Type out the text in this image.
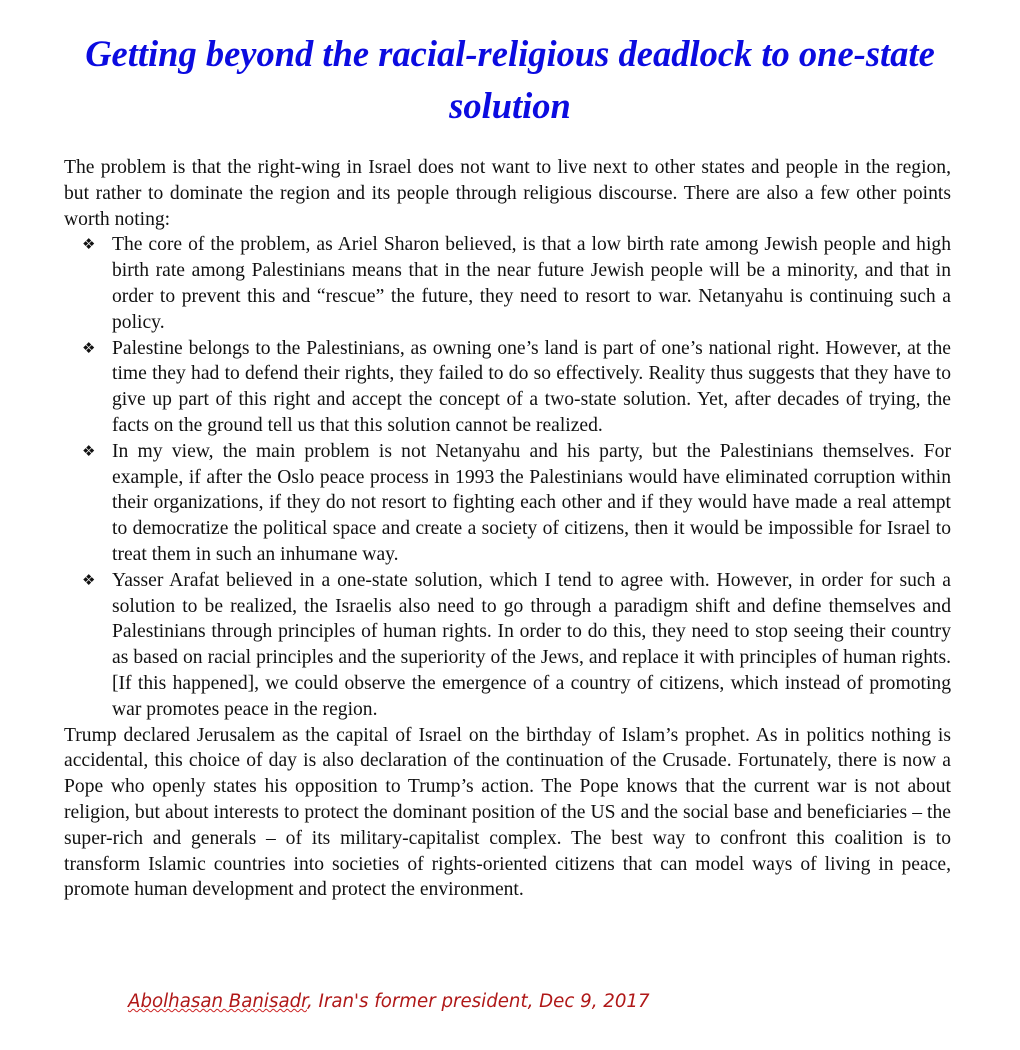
Getting beyond the racial-religious deadlock to one-state solution

The problem is that the right-wing in Israel does not want to live next to other states and people in the region, but rather to dominate the region and its people through religious discourse. There are also a few other points worth noting:

❖ The core of the problem, as Ariel Sharon believed, is that a low birth rate among Jewish people and high birth rate among Palestinians means that in the near future Jewish people will be a minority, and that in order to prevent this and “rescue” the future, they need to resort to war. Netanyahu is continuing such a policy.
❖ Palestine belongs to the Palestinians, as owning one’s land is part of one’s national right. However, at the time they had to defend their rights, they failed to do so effectively. Reality thus suggests that they have to give up part of this right and accept the concept of a two-state solution. Yet, after decades of trying, the facts on the ground tell us that this solution cannot be realized.
❖ In my view, the main problem is not Netanyahu and his party, but the Palestinians themselves. For example, if after the Oslo peace process in 1993 the Palestinians would have eliminated corruption within their organizations, if they do not resort to fighting each other and if they would have made a real attempt to democratize the political space and create a society of citizens, then it would be impossible for Israel to treat them in such an inhumane way.
❖ Yasser Arafat believed in a one-state solution, which I tend to agree with. However, in order for such a solution to be realized, the Israelis also need to go through a paradigm shift and define themselves and Palestinians through principles of human rights. In order to do this, they need to stop seeing their country as based on racial principles and the superiority of the Jews, and replace it with principles of human rights. [If this happened], we could observe the emergence of a country of citizens, which instead of promoting war promotes peace in the region.

Trump declared Jerusalem as the capital of Israel on the birthday of Islam’s prophet. As in politics nothing is accidental, this choice of day is also declaration of the continuation of the Crusade. Fortunately, there is now a Pope who openly states his opposition to Trump’s action. The Pope knows that the current war is not about religion, but about interests to protect the dominant position of the US and the social base and beneficiaries – the super-rich and generals – of its military-capitalist complex. The best way to confront this coalition is to transform Islamic countries into societies of rights-oriented citizens that can model ways of living in peace, promote human development and protect the environment.

Abolhasan Banisadr, Iran's former president, Dec 9, 2017
